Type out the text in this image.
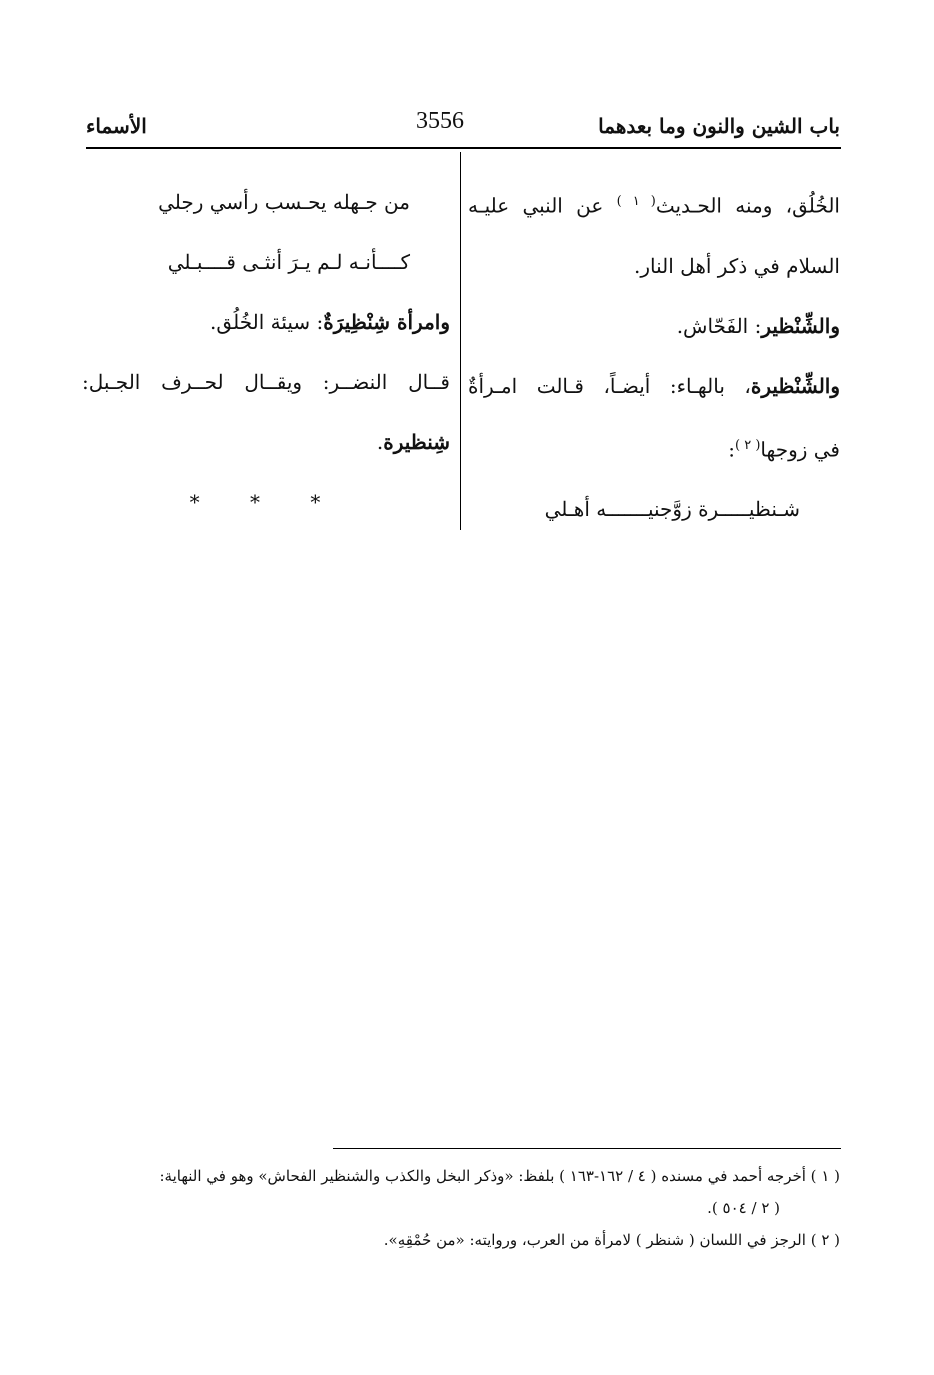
باب الشين والنون وما بعدهما
3556
الأسماء
الخُلُق، ومنه الحـديث$^{( ١ )}$ عن النبي عليـه
السلام في ذكر أهل النار.
والشِّنْظير: الفَحّاش.
والشِّنْظيرة، بالهـاء: أيضـاً، قـالت امـرأةٌ
في زوجها$^{( ٢ )}$:
شـنظيـــــرة زوَّجنيـــــــه أهـلي
من جـهله يحـسب رأسي رجلي
كــــأنـه لـم يـرَ أنثـى قــــبـلي
وامرأة شِنْظِيرَةٌ: سيئة الخُلُق.
قــال النضــر: ويقــال لحــرف الجـبل:
شِنظيرة.
* * *
( ١ ) أخرجه أحمد في مسنده ( ٤ / ١٦٢-١٦٣ ) بلفظ: «وذكر البخل والكذب والشنظير الفحاش» وهو في النهاية:
( ٢ / ٥٠٤ ).
( ٢ ) الرجز في اللسان ( شنظر ) لامرأة من العرب، وروايته: «من حُمْقِهِ».
